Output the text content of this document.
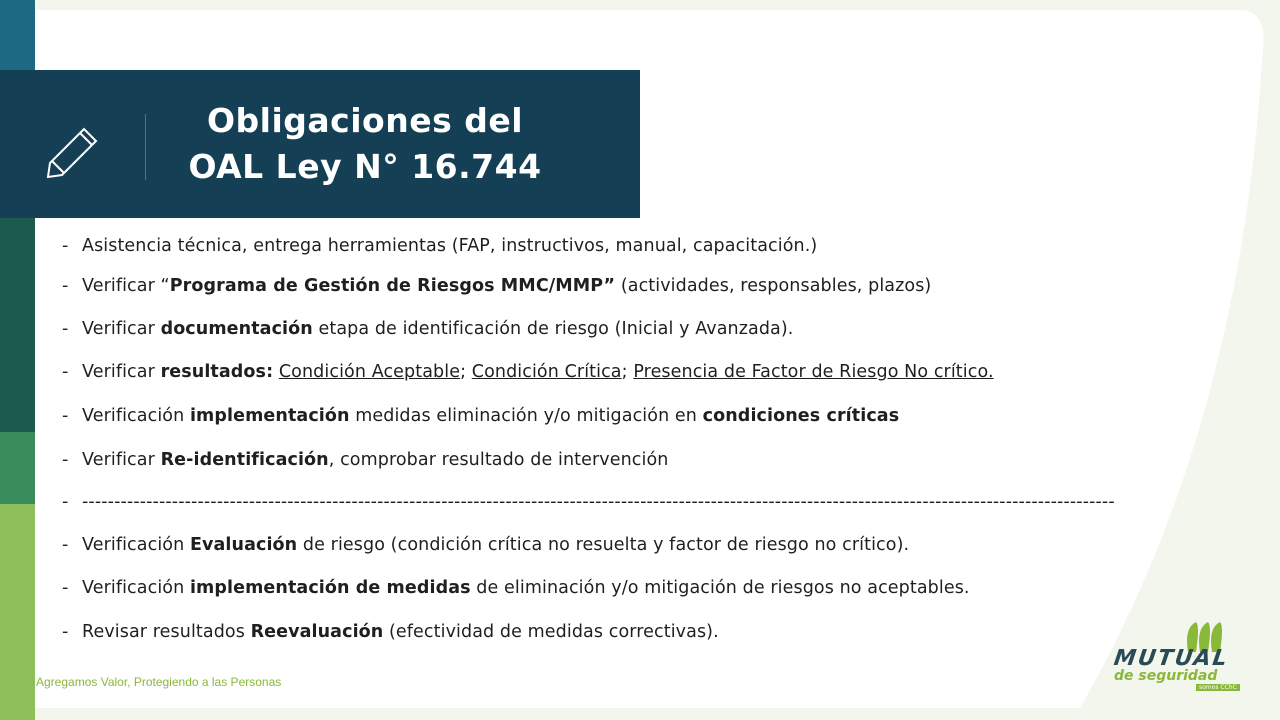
Obligaciones del
OAL Ley N° 16.744
- Asistencia técnica, entrega herramientas (FAP, instructivos, manual, capacitación.)
- Verificar “Programa de Gestión de Riesgos MMC/MMP” (actividades, responsables, plazos)
- Verificar documentación etapa de identificación de riesgo (Inicial y Avanzada).
- Verificar resultados: Condición Aceptable; Condición Crítica; Presencia de Factor de Riesgo No crítico.
- Verificación implementación medidas eliminación y/o mitigación en condiciones críticas
- Verificar Re-identificación, comprobar resultado de intervención
- -----------------------------------------------------------------------------------------------------------------------------------------------------------------
- Verificación Evaluación de riesgo (condición crítica no resuelta y factor de riesgo no crítico).
- Verificación implementación de medidas de eliminación y/o mitigación de riesgos no aceptables.
- Revisar resultados Reevaluación (efectividad de medidas correctivas).
Agregamos Valor, Protegiendo a las Personas
MUTUAL
de seguridad
somos CChC
